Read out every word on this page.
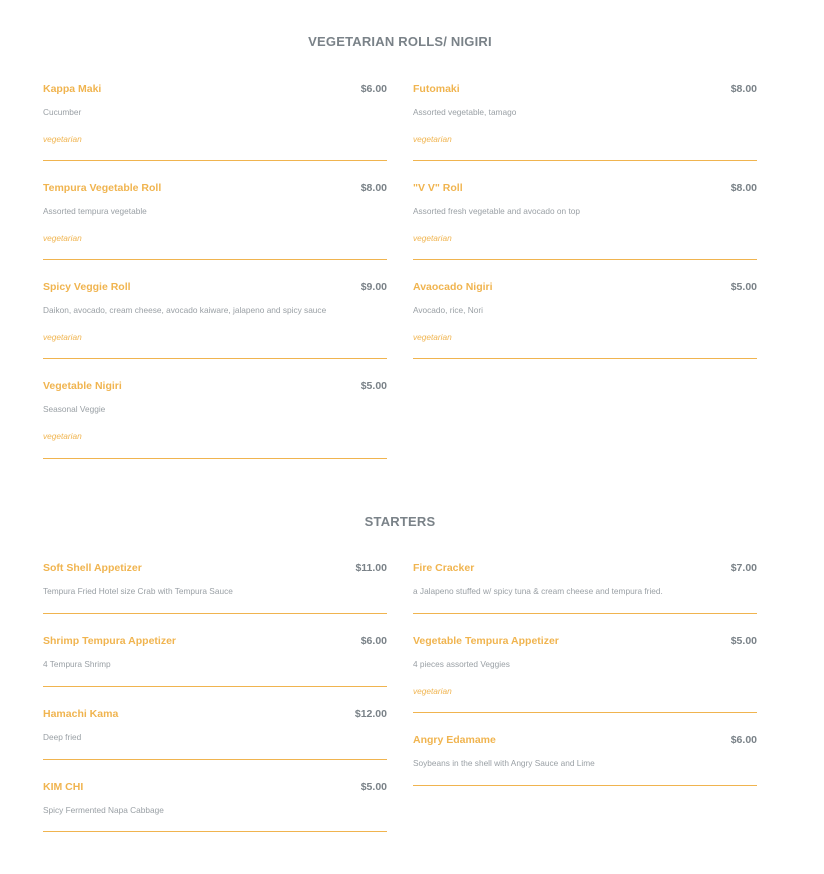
VEGETARIAN ROLLS/ NIGIRI
Kappa Maki	$6.00
Cucumber
vegetarian
Futomaki	$8.00
Assorted vegetable, tamago
vegetarian
Tempura Vegetable Roll	$8.00
Assorted tempura vegetable
vegetarian
"V V" Roll	$8.00
Assorted fresh vegetable and avocado on top
vegetarian
Spicy Veggie Roll	$9.00
Daikon, avocado, cream cheese, avocado kaiware, jalapeno and spicy sauce
vegetarian
Avaocado Nigiri	$5.00
Avocado, rice, Nori
vegetarian
Vegetable Nigiri	$5.00
Seasonal Veggie
vegetarian
STARTERS
Soft Shell Appetizer	$11.00
Tempura Fried Hotel size Crab with Tempura Sauce
Fire Cracker	$7.00
a Jalapeno stuffed w/ spicy tuna & cream cheese and tempura fried.
Shrimp Tempura Appetizer	$6.00
4 Tempura Shrimp
Vegetable Tempura Appetizer	$5.00
4 pieces assorted Veggies
vegetarian
Hamachi Kama	$12.00
Deep fried	Angry Edamame	$6.00
Soybeans in the shell with Angry Sauce and Lime
KIM CHI	$5.00
Spicy Fermented Napa Cabbage
